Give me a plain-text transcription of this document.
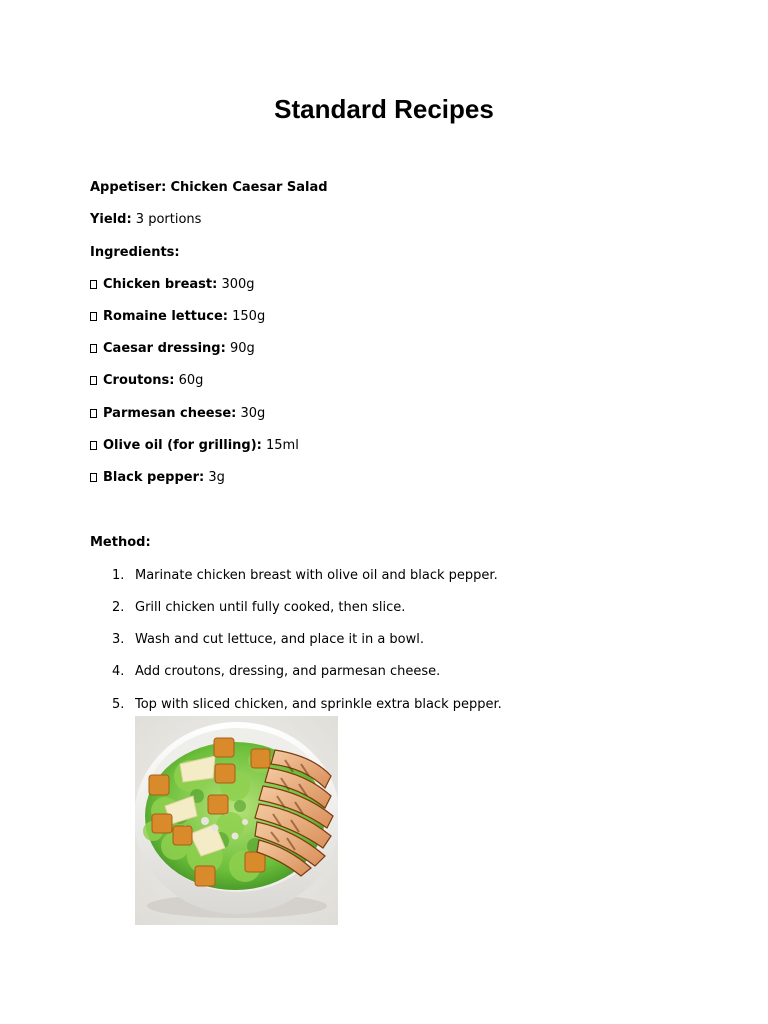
Standard Recipes
Appetiser: Chicken Caesar Salad
Yield: 3 portions
Ingredients:
Chicken breast: 300g
Romaine lettuce: 150g
Caesar dressing: 90g
Croutons: 60g
Parmesan cheese: 30g
Olive oil (for grilling): 15ml
Black pepper: 3g
Method:
1. Marinate chicken breast with olive oil and black pepper.
2. Grill chicken until fully cooked, then slice.
3. Wash and cut lettuce, and place it in a bowl.
4. Add croutons, dressing, and parmesan cheese.
5. Top with sliced chicken, and sprinkle extra black pepper.
